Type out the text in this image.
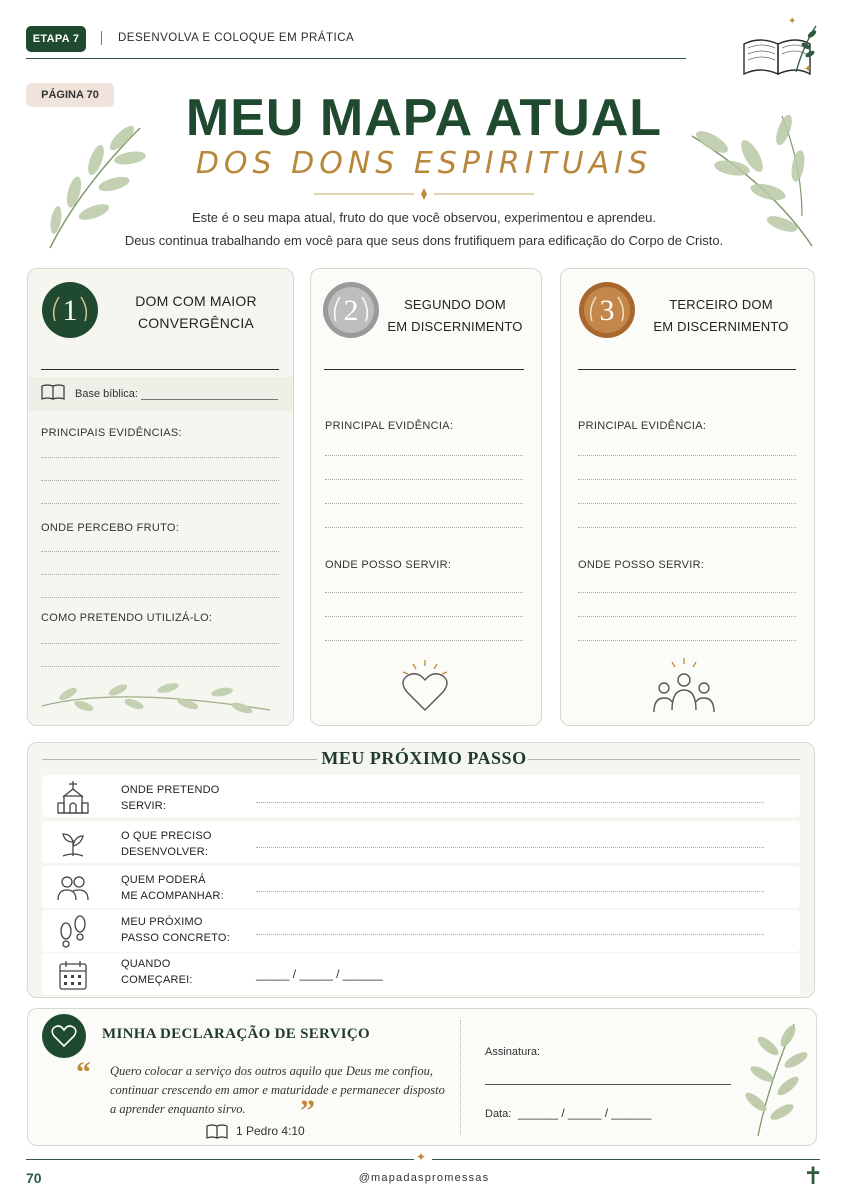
ETAPA 7	DESENVOLVA E COLOQUE EM PRÁTICA
✦
✦
PÁGINA 70	MEU MAPA ATUAL
DOS DONS ESPIRITUAIS
Este é o seu mapa atual, fruto do que você observou, experimentou e aprendeu.
Deus continua trabalhando em você para que seus dons frutifiquem para edificação do Corpo de Cristo.
1	DOM COM MAIOR
CONVERGÊNCIA
Base bíblica:
PRINCIPAIS EVIDÊNCIAS:
ONDE PERCEBO FRUTO:
COMO PRETENDO UTILIZÁ-LO:
2	SEGUNDO DOM
EM DISCERNIMENTO
PRINCIPAL EVIDÊNCIA:
ONDE POSSO SERVIR:
3	TERCEIRO DOM
EM DISCERNIMENTO
PRINCIPAL EVIDÊNCIA:
ONDE POSSO SERVIR:
MEU PRÓXIMO PASSO
ONDE PRETENDO
SERVIR:
O QUE PRECISO
DESENVOLVER:
QUEM PODERÁ
ME ACOMPANHAR:
MEU PRÓXIMO
PASSO CONCRETO:
QUANDO
COMEÇAREI:	_____ / _____ / ______
MINHA DECLARAÇÃO DE SERVIÇO
“ Quero colocar a serviço dos outros aquilo que Deus me confiou, continuar crescendo em amor e maturidade e permanecer disposto a aprender enquanto sirvo.	”
1 Pedro 4:10
Assinatura:
Data: ______ / _____ / ______
✦
70	@mapadaspromessas	✝
